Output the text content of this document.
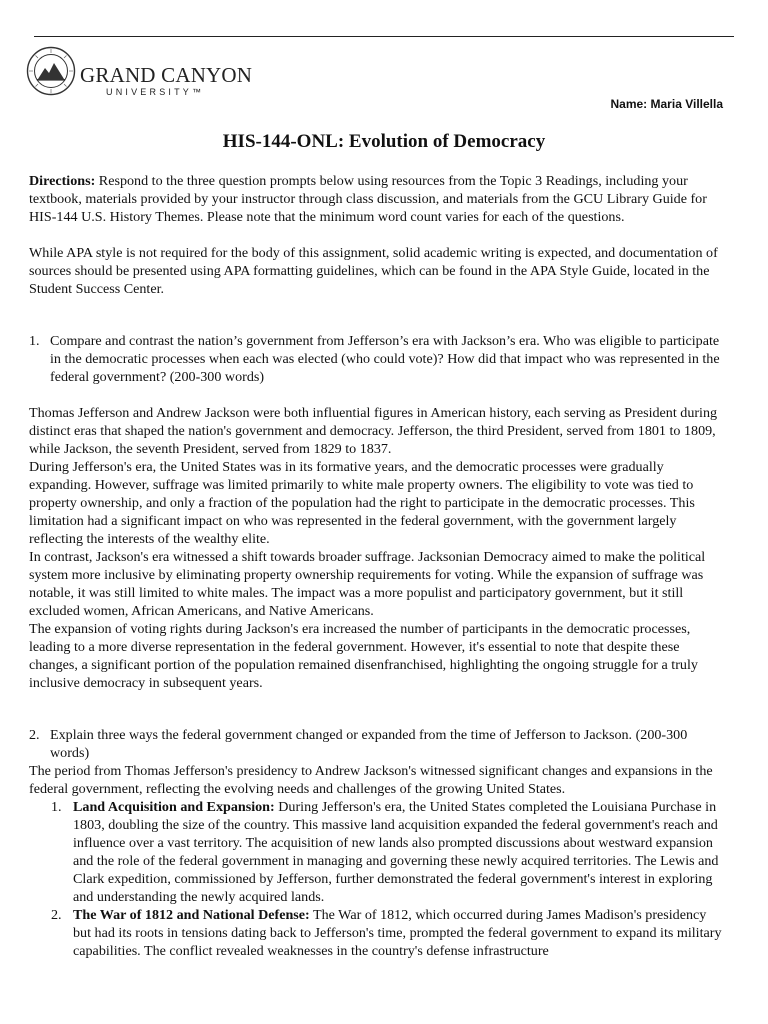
GRAND CANYON
UNIVERSITY™
Name: Maria Villella
HIS-144-ONL: Evolution of Democracy

Directions: Respond to the three question prompts below using resources from the Topic 3 Readings, including your textbook, materials provided by your instructor through class discussion, and materials from the GCU Library Guide for HIS-144 U.S. History Themes. Please note that the minimum word count varies for each of the questions.

While APA style is not required for the body of this assignment, solid academic writing is expected, and documentation of sources should be presented using APA formatting guidelines, which can be found in the APA Style Guide, located in the Student Success Center.

1. Compare and contrast the nation’s government from Jefferson’s era with Jackson’s era. Who was eligible to participate in the democratic processes when each was elected (who could vote)? How did that impact who was represented in the federal government? (200-300 words)

Thomas Jefferson and Andrew Jackson were both influential figures in American history, each serving as President during distinct eras that shaped the nation's government and democracy. Jefferson, the third President, served from 1801 to 1809, while Jackson, the seventh President, served from 1829 to 1837.

During Jefferson's era, the United States was in its formative years, and the democratic processes were gradually expanding. However, suffrage was limited primarily to white male property owners. The eligibility to vote was tied to property ownership, and only a fraction of the population had the right to participate in the democratic processes. This limitation had a significant impact on who was represented in the federal government, with the government largely reflecting the interests of the wealthy elite.

In contrast, Jackson's era witnessed a shift towards broader suffrage. Jacksonian Democracy aimed to make the political system more inclusive by eliminating property ownership requirements for voting. While the expansion of suffrage was notable, it was still limited to white males. The impact was a more populist and participatory government, but it still excluded women, African Americans, and Native Americans.

The expansion of voting rights during Jackson's era increased the number of participants in the democratic processes, leading to a more diverse representation in the federal government. However, it's essential to note that despite these changes, a significant portion of the population remained disenfranchised, highlighting the ongoing struggle for a truly inclusive democracy in subsequent years.

2. Explain three ways the federal government changed or expanded from the time of Jefferson to Jackson. (200-300 words)

The period from Thomas Jefferson's presidency to Andrew Jackson's witnessed significant changes and expansions in the federal government, reflecting the evolving needs and challenges of the growing United States.

1. Land Acquisition and Expansion: During Jefferson's era, the United States completed the Louisiana Purchase in 1803, doubling the size of the country. This massive land acquisition expanded the federal government's reach and influence over a vast territory. The acquisition of new lands also prompted discussions about westward expansion and the role of the federal government in managing and governing these newly acquired territories. The Lewis and Clark expedition, commissioned by Jefferson, further demonstrated the federal government's interest in exploring and understanding the newly acquired lands.

2. The War of 1812 and National Defense: The War of 1812, which occurred during James Madison's presidency but had its roots in tensions dating back to Jefferson's time, prompted the federal government to expand its military capabilities. The conflict revealed weaknesses in the country's defense infrastructure
